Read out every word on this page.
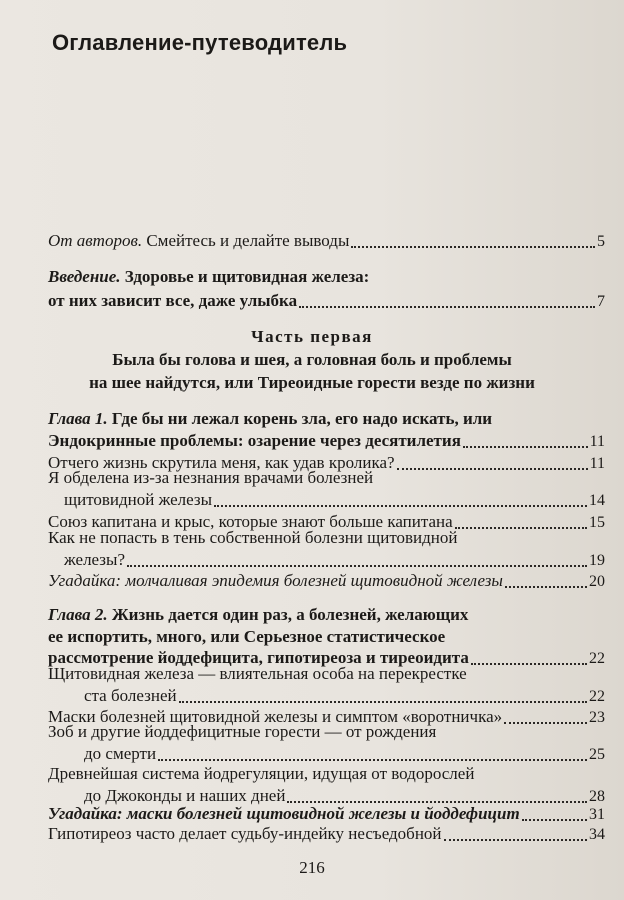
Оглавление-путеводитель
От авторов. Смейтесь и делайте выводы	5
Введение. Здоровье и щитовидная железа:
от них зависит все, даже улыбка	7
Часть первая
Была бы голова и шея, а головная боль и проблемы
на шее найдутся, или Тиреоидные горести везде по жизни
Глава 1. Где бы ни лежал корень зла, его надо искать, или
Эндокринные проблемы: озарение через десятилетия	11
Отчего жизнь скрутила меня, как удав кролика?	11
Я обделена из-за незнания врачами болезней
щитовидной железы	14
Союз капитана и крыс, которые знают больше капитана	15
Как не попасть в тень собственной болезни щитовидной
железы?	19
Угадайка: молчаливая эпидемия болезней щитовидной железы	20
Глава 2. Жизнь дается один раз, а болезней, желающих
ее испортить, много, или Серьезное статистическое
рассмотрение йоддефицита, гипотиреоза и тиреоидита	22
Щитовидная железа — влиятельная особа на перекрестке
ста болезней	22
Маски болезней щитовидной железы и симптом «воротничка»	23
Зоб и другие йоддефицитные горести — от рождения
до смерти	25
Древнейшая система йодрегуляции, идущая от водорослей
до Джоконды и наших дней	28
Угадайка: маски болезней щитовидной железы и йоддефицит	31
Гипотиреоз часто делает судьбу-индейку несъедобной	34
216
